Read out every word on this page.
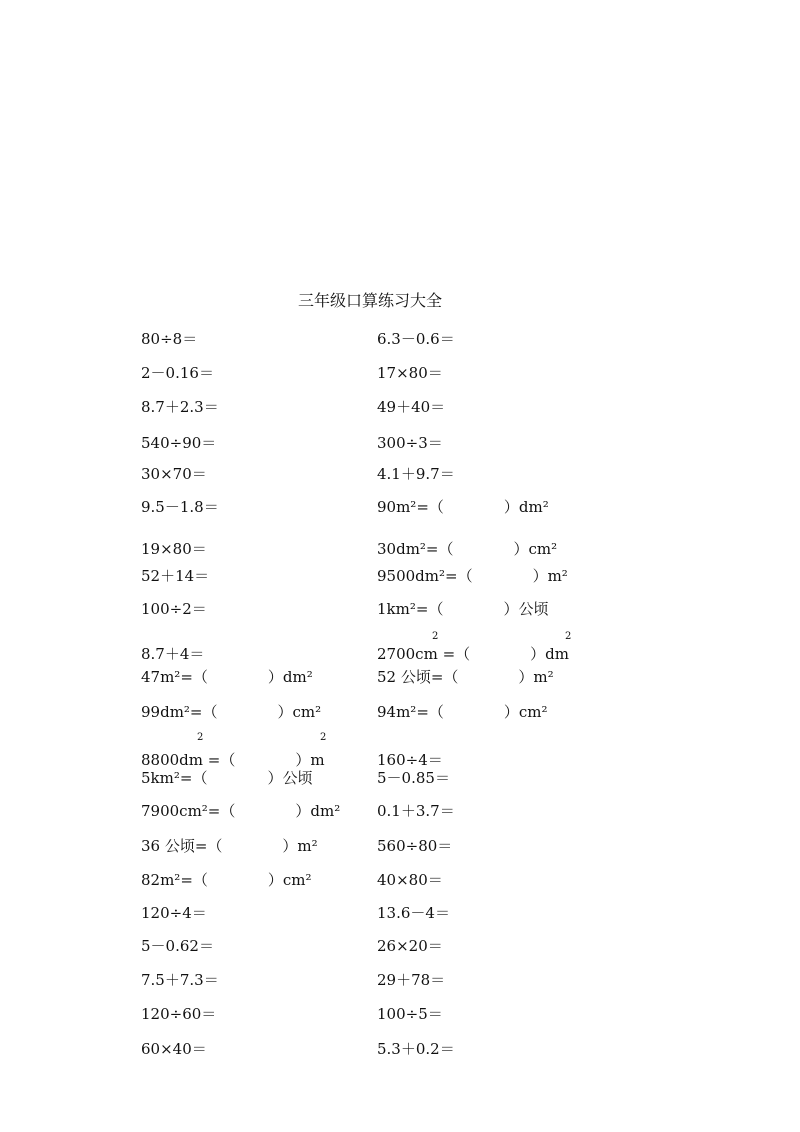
三年级口算练习大全
80÷8＝
2－0.16＝
8.7＋2.3＝
540÷90＝
30×70＝
9.5－1.8＝
19×80＝
52＋14＝
100÷2＝
8.7＋4＝
47m²=（　　　　）dm²
99dm²=（　　　　）cm²
8800dm =（　　　　）m
5km²=（　　　　）公顷
7900cm²=（　　　　）dm²
36 公顷=（　　　　）m²
82m²=（　　　　）cm²
120÷4＝
5－0.62＝
7.5＋7.3＝
120÷60＝
60×40＝
6.3－0.6＝
17×80＝
49＋40＝
300÷3＝
4.1＋9.7＝
90m²=（　　　　）dm²
30dm²=（　　　　）cm²
9500dm²=（　　　　）m²
1km²=（　　　　）公顷
2700cm =（　　　　）dm
52 公顷=（　　　　）m²
94m²=（　　　　）cm²
160÷4＝
5－0.85＝
0.1＋3.7＝
560÷80＝
40×80＝
13.6－4＝
26×20＝
29＋78＝
100÷5＝
5.3＋0.2＝
2	2
2	2
